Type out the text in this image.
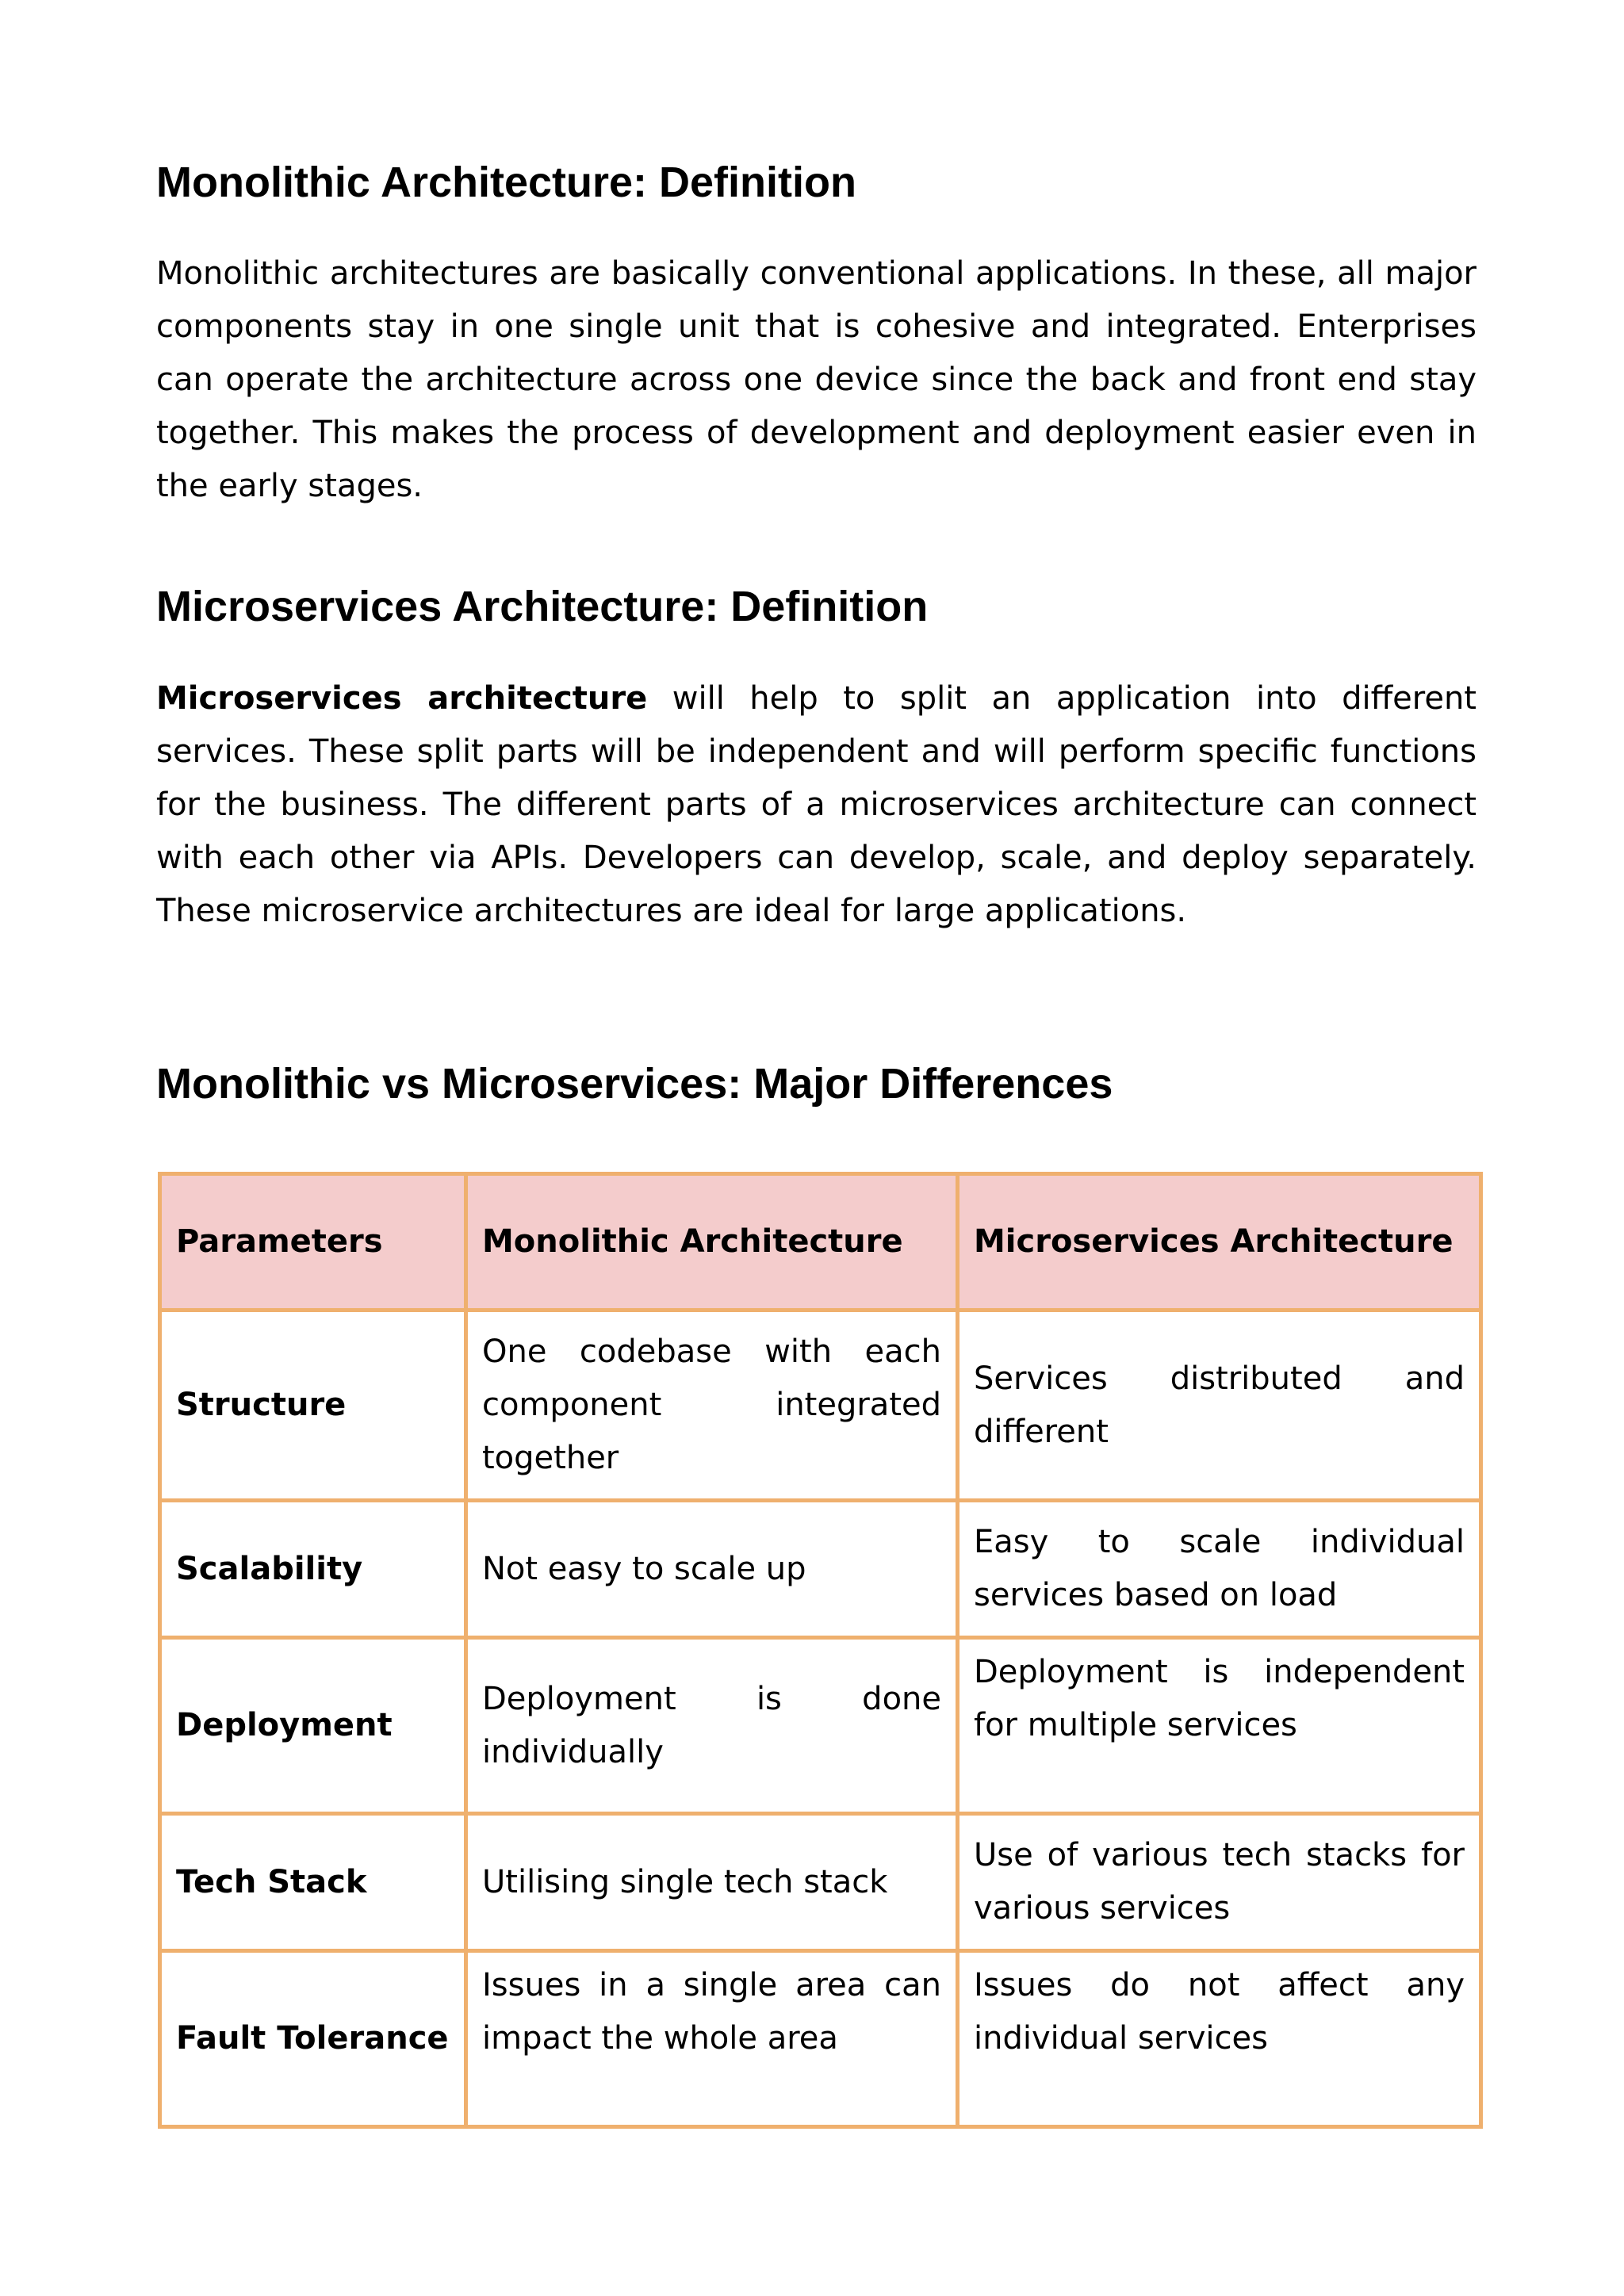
Monolithic Architecture: Definition

Monolithic architectures are basically conventional applications. In these, all major components stay in one single unit that is cohesive and integrated. Enterprises can operate the architecture across one device since the back and front end stay together. This makes the process of development and deployment easier even in the early stages.

Microservices Architecture: Definition

Microservices architecture will help to split an application into different services. These split parts will be independent and will perform specific functions for the business. The different parts of a microservices architecture can connect with each other via APIs. Developers can develop, scale, and deploy separately. These microservice architectures are ideal for large applications.

Monolithic vs Microservices: Major Differences
Parameters	Monolithic Architecture	Microservices Architecture
Structure	One codebase with each component integrated together	Services distributed and different
Scalability	Not easy to scale up	Easy to scale individual services based on load
Deployment	Deployment is done individually	Deployment is independent for multiple services
Tech Stack	Utilising single tech stack	Use of various tech stacks for various services
Fault Tolerance	Issues in a single area can impact the whole area	Issues do not affect any individual services
